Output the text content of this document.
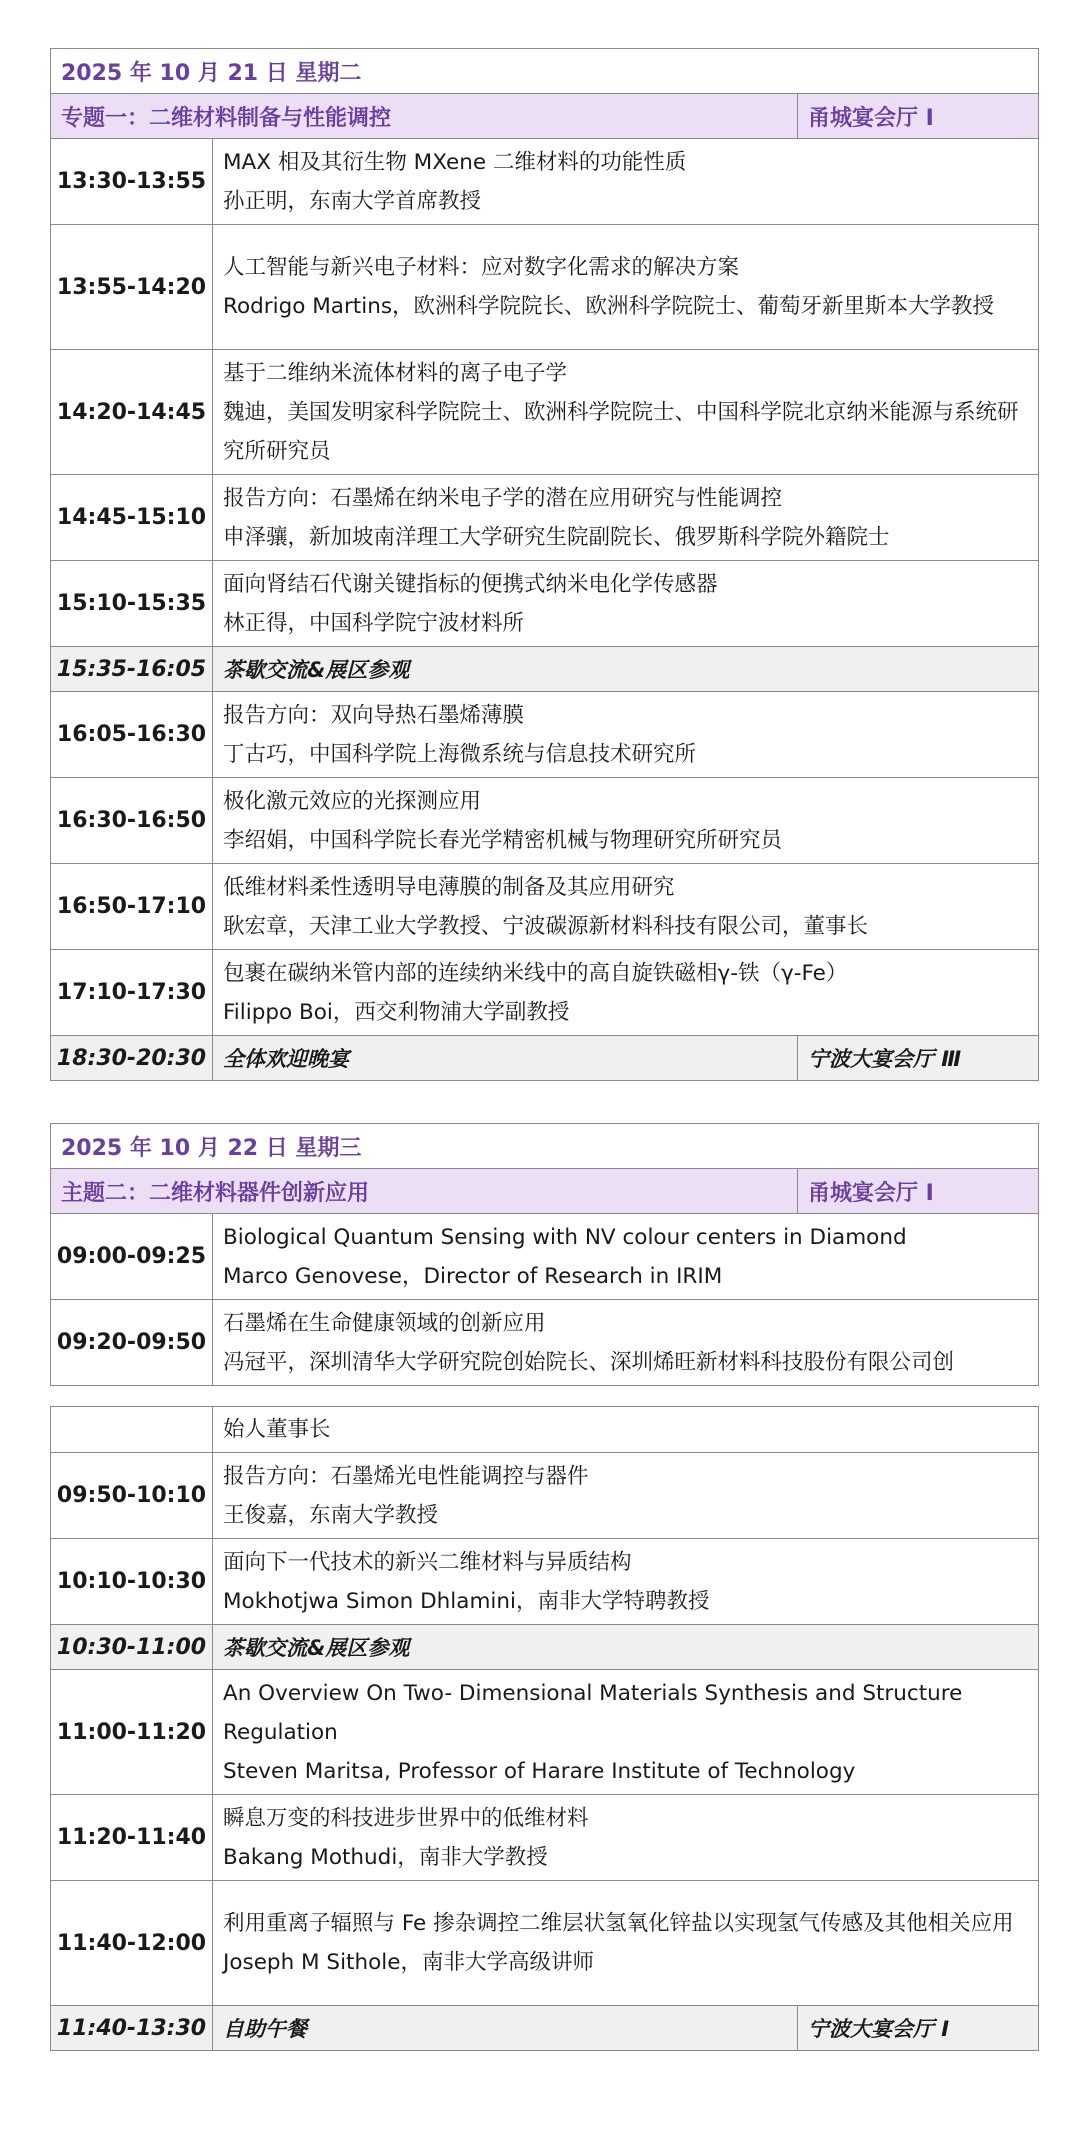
2025 年 10 月 21 日 星期二		
专题一：二维材料制备与性能调控		甬城宴会厅 Ⅰ
13:30-13:55	MAX 相及其衍生物 MXene 二维材料的功能性质
孙正明，东南大学首席教授	

13:55-14:20	人工智能与新兴电子材料：应对数字化需求的解决方案
Rodrigo Martins，欧洲科学院院长、欧洲科学院院士、葡萄牙新里斯本大学教授	

14:20-14:45	基于二维纳米流体材料的离子电子学
魏迪，美国发明家科学院院士、欧洲科学院院士、中国科学院北京纳米能源与系统研究所研究员	

14:45-15:10	报告方向：石墨烯在纳米电子学的潜在应用研究与性能调控
申泽骧，新加坡南洋理工大学研究生院副院长、俄罗斯科学院外籍院士	

15:10-15:35	面向肾结石代谢关键指标的便携式纳米电化学传感器
林正得，中国科学院宁波材料所	

15:35-16:05	茶歇交流&展区参观	
16:05-16:30	报告方向：双向导热石墨烯薄膜
丁古巧，中国科学院上海微系统与信息技术研究所	

16:30-16:50	极化激元效应的光探测应用
李绍娟，中国科学院长春光学精密机械与物理研究所研究员	

16:50-17:10	低维材料柔性透明导电薄膜的制备及其应用研究
耿宏章，天津工业大学教授、宁波碳源新材料科技有限公司，董事长	

17:10-17:30	包裹在碳纳米管内部的连续纳米线中的高自旋铁磁相γ-铁（γ-Fe）
Filippo Boi，西交利物浦大学副教授	

18:30-20:30	全体欢迎晚宴	宁波大宴会厅 Ⅲ
2025 年 10 月 22 日 星期三		
主题二：二维材料器件创新应用		甬城宴会厅 Ⅰ
09:00-09:25	Biological Quantum Sensing with NV colour centers in Diamond
Marco Genovese，Director of Research in IRIM	

09:20-09:50	石墨烯在生命健康领域的创新应用
冯冠平，深圳清华大学研究院创始院长、深圳烯旺新材料科技股份有限公司创	
	始人董事长	
09:50-10:10	报告方向：石墨烯光电性能调控与器件
王俊嘉，东南大学教授	

10:10-10:30	面向下一代技术的新兴二维材料与异质结构
Mokhotjwa Simon Dhlamini，南非大学特聘教授	

10:30-11:00	茶歇交流&展区参观	
11:00-11:20	An Overview On Two- Dimensional Materials Synthesis and Structure Regulation
Steven Maritsa, Professor of Harare Institute of Technology	

11:20-11:40	瞬息万变的科技进步世界中的低维材料
Bakang Mothudi，南非大学教授	

11:40-12:00	利用重离子辐照与 Fe 掺杂调控二维层状氢氧化锌盐以实现氢气传感及其他相关应用
Joseph M Sithole，南非大学高级讲师	

11:40-13:30	自助午餐	宁波大宴会厅 Ⅰ
